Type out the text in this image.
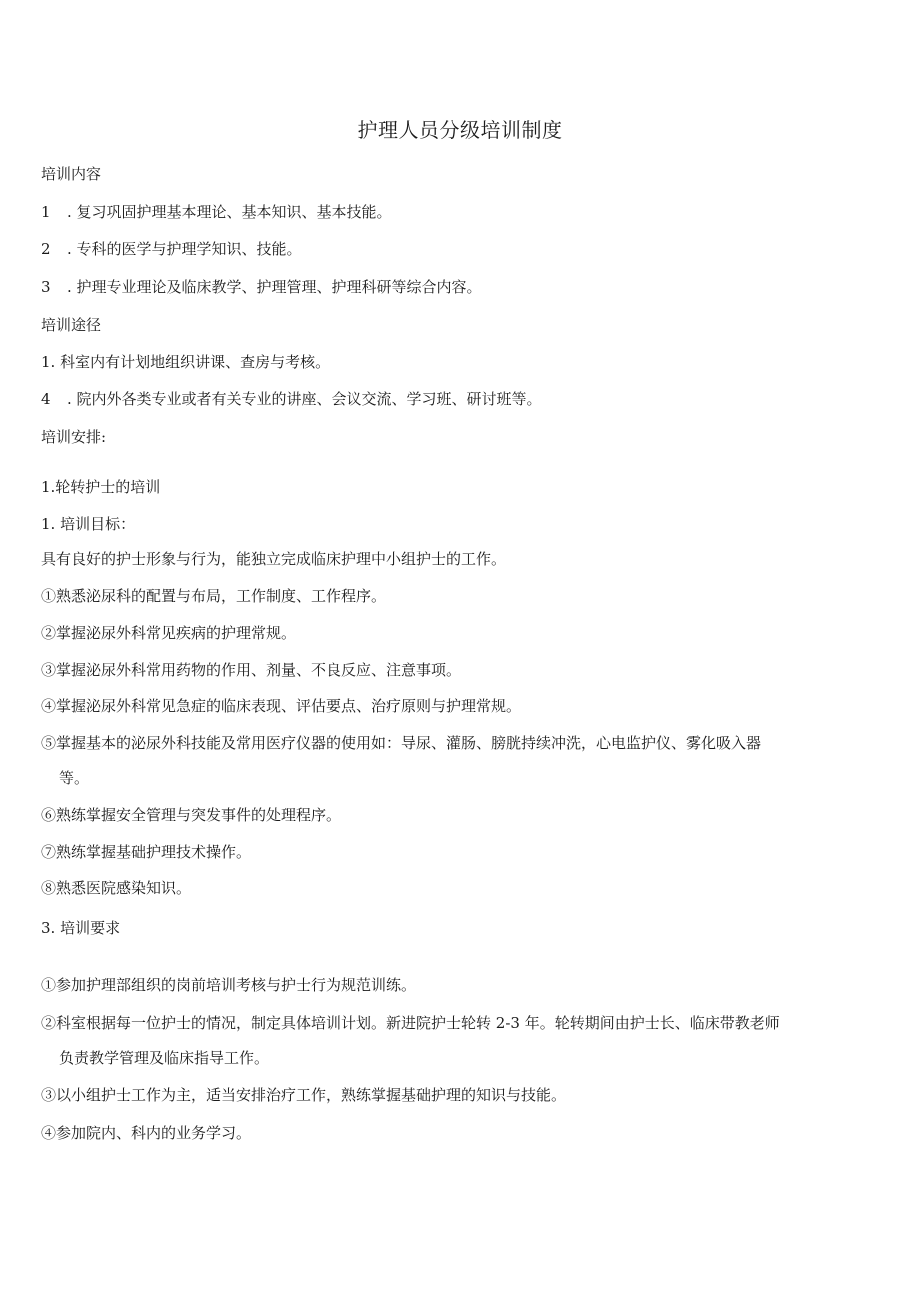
护理人员分级培训制度
培训内容
1 . 复习巩固护理基本理论、基本知识、基本技能。
2 . 专科的医学与护理学知识、技能。
3 . 护理专业理论及临床教学、护理管理、护理科研等综合内容。
培训途径
1. 科室内有计划地组织讲课、查房与考核。
4 . 院内外各类专业或者有关专业的讲座、会议交流、学习班、研讨班等。
培训安排:
1.轮转护士的培训
1. 培训目标：
具有良好的护士形象与行为，能独立完成临床护理中小组护士的工作。
①熟悉泌尿科的配置与布局，工作制度、工作程序。
②掌握泌尿外科常见疾病的护理常规。
③掌握泌尿外科常用药物的作用、剂量、不良反应、注意事项。
④掌握泌尿外科常见急症的临床表现、评估要点、治疗原则与护理常规。
⑤掌握基本的泌尿外科技能及常用医疗仪器的使用如：导尿、灌肠、膀胱持续冲洗，心电监护仪、雾化吸入器
等。
⑥熟练掌握安全管理与突发事件的处理程序。
⑦熟练掌握基础护理技术操作。
⑧熟悉医院感染知识。
3. 培训要求
①参加护理部组织的岗前培训考核与护士行为规范训练。
②科室根据每一位护士的情况，制定具体培训计划。新进院护士轮转 2-3 年。轮转期间由护士长、临床带教老师
负责教学管理及临床指导工作。
③以小组护士工作为主，适当安排治疗工作，熟练掌握基础护理的知识与技能。
④参加院内、科内的业务学习。
